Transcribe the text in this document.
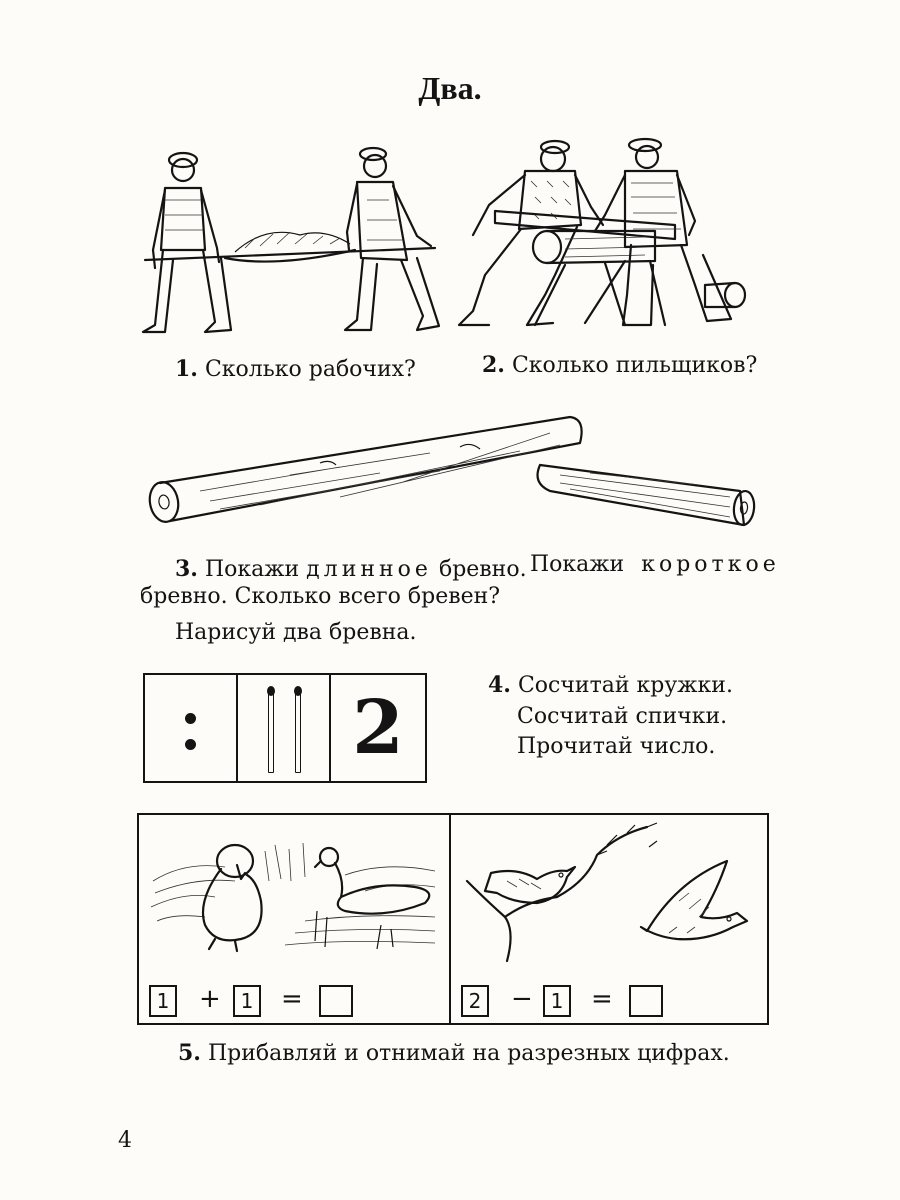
Два.
1. Сколько рабочих?	2. Сколько пильщиков?
3. Покажи длинное бревно. Покажи короткое
бревно. Сколько всего бревен?
Нарисуй два бревна.
2	4. Сосчитай кружки.
Сосчитай спички.
Прочитай число.
1 + 1 =	2 − 1 =
5. Прибавляй и отнимай на разрезных цифрах.
4
